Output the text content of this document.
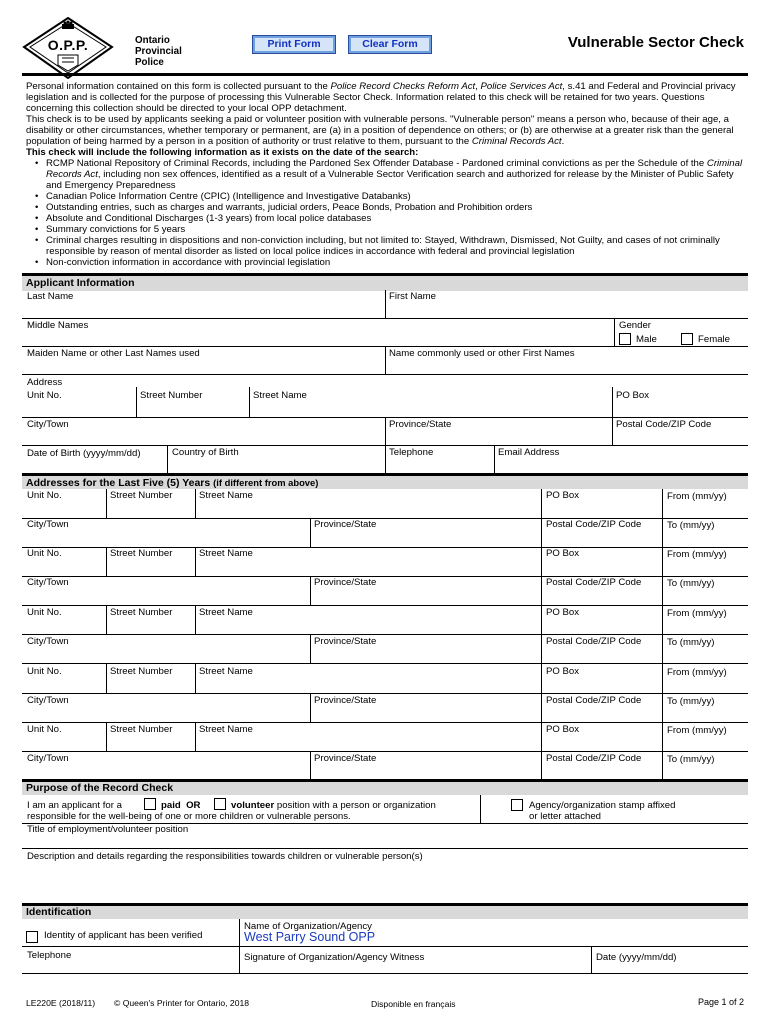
O.P.P.	Ontario
Provincial
Police
Print Form	Clear Form	Vulnerable Sector Check

Personal information contained on this form is collected pursuant to the Police Record Checks Reform Act, Police Services Act, s.41 and Federal and Provincial privacy legislation and is collected for the purpose of processing this Vulnerable Sector Check. Information related to this check will be retained for two years. Questions concerning this collection should be directed to your local OPP detachment.

This check is to be used by applicants seeking a paid or volunteer position with vulnerable persons. "Vulnerable person" means a person who, because of their age, a disability or other circumstances, whether temporary or permanent, are (a) in a position of dependence on others; or (b) are otherwise at a greater risk than the general population of being harmed by a person in a position of authority or trust relative to them, pursuant to the Criminal Records Act.

This check will include the following information as it exists on the date of the search:

• RCMP National Repository of Criminal Records, including the Pardoned Sex Offender Database - Pardoned criminal convictions as per the Schedule of the Criminal Records Act, including non sex offences, identified as a result of a Vulnerable Sector Verification search and authorized for release by the Minister of Public Safety and Emergency Preparedness
• Canadian Police Information Centre (CPIC) (Intelligence and Investigative Databanks)
• Outstanding entries, such as charges and warrants, judicial orders, Peace Bonds, Probation and Prohibition orders
• Absolute and Conditional Discharges (1-3 years) from local police databases
• Summary convictions for 5 years
• Criminal charges resulting in dispositions and non-conviction including, but not limited to: Stayed, Withdrawn, Dismissed, Not Guilty, and cases of not criminally responsible by reason of mental disorder as listed on local police indices in accordance with federal and provincial legislation
• Non-conviction information in accordance with provincial legislation
Applicant Information
Last Name	First Name
Middle Names	Gender
Male	Female
Maiden Name or other Last Names used	Name commonly used or other First Names
Address
Unit No.	Street Number	Street Name	PO Box
City/Town	Province/State	Postal Code/ZIP Code
Date of Birth (yyyy/mm/dd)	Country of Birth	Telephone	Email Address
Addresses for the Last Five (5) Years (if different from above)
Unit No.	Street Number	Street Name	PO Box	From (mm/yy)
City/Town	Province/State	Postal Code/ZIP Code	To (mm/yy)
Unit No.	Street Number	Street Name	PO Box	From (mm/yy)
City/Town	Province/State	Postal Code/ZIP Code	To (mm/yy)
Unit No.	Street Number	Street Name	PO Box	From (mm/yy)
City/Town	Province/State	Postal Code/ZIP Code	To (mm/yy)
Unit No.	Street Number	Street Name	PO Box	From (mm/yy)
City/Town	Province/State	Postal Code/ZIP Code	To (mm/yy)
Unit No.	Street Number	Street Name	PO Box	From (mm/yy)
City/Town	Province/State	Postal Code/ZIP Code	To (mm/yy)
Purpose of the Record Check
I am an applicant for a	paid OR	volunteer position with a person or organization
responsible for the well-being of one or more children or vulnerable persons.
Agency/organization stamp affixed
or letter attached
Title of employment/volunteer position
Description and details regarding the responsibilities towards children or vulnerable person(s)
Identification
Identity of applicant has been verified
Name of Organization/Agency
West Parry Sound OPP
Telephone	Signature of Organization/Agency Witness	Date (yyyy/mm/dd)
LE220E (2018/11) © Queen's Printer for Ontario, 2018	Disponible en français	Page 1 of 2
